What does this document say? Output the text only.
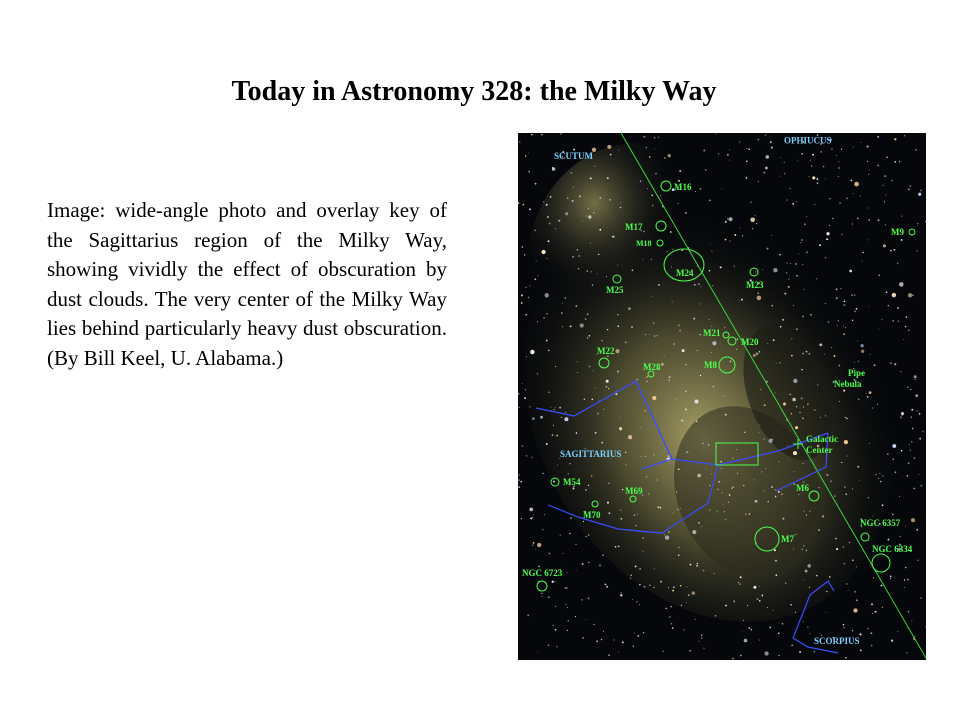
Today in Astronomy 328: the Milky Way
Image: wide-angle photo and overlay key of the Sagittarius region of the Milky Way, showing vividly the effect of obscuration by dust clouds. The very center of the Milky Way lies behind particularly heavy dust obscuration. (By Bill Keel, U. Alabama.)
OPHIUCUS
SCUTUM
M16
M17
M18
M24
M23
M9
M25
M21
M20
M22
M28	M8
Pipe
Nebula
SAGITTARIUS
Galactic
Center
M54
M69	M6
M70
NGC 6357
M7
NGC 6334
NGC 6723
SCORPIUS
